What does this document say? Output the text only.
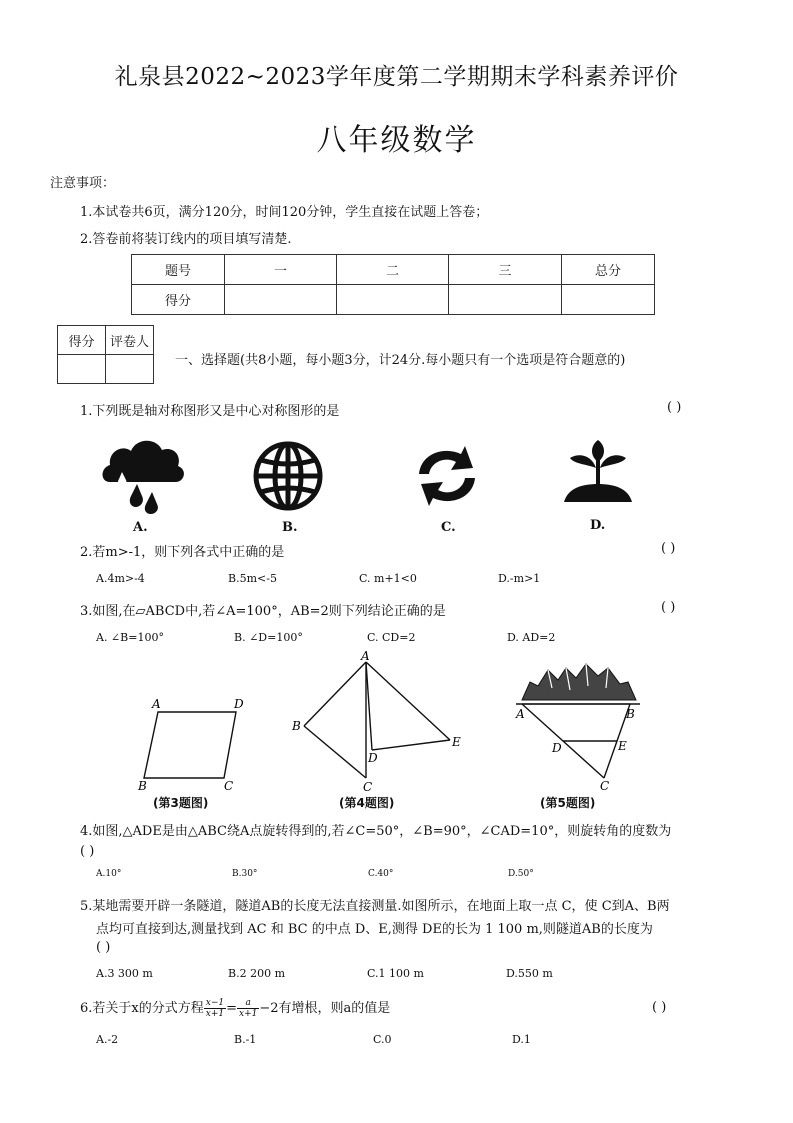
礼泉县2022~2023学年度第二学期期末学科素养评价
八年级数学
注意事项：
1.本试卷共6页，满分120分，时间120分钟，学生直接在试题上答卷；
2.答卷前将装订线内的项目填写清楚.
题号	一	二	三	总分
得分				
得分	评卷人

一、选择题(共8小题，每小题3分，计24分.每小题只有一个选项是符合题意的)
1.下列既是轴对称图形又是中心对称图形的是	( )
A.	B.	C.	D.
2.若m>-1，则下列各式中正确的是	( )
A.4m>-4	B.5m<-5	C. m+1<0	D.-m>1
3.如图,在▱ABCD中,若∠A=100°，AB=2则下列结论正确的是	( )
A. ∠B=100°	B. ∠D=100°	C. CD=2	D. AD=2
A	D
B	C
(第3题图)
A
B
D
E
C
(第4题图)
A	B
D	E
C
(第5题图)
4.如图,△ADE是由△ABC绕A点旋转得到的,若∠C=50°，∠B=90°，∠CAD=10°，则旋转角的度数为
( )
A.10°	B.30°	C.40°	D.50°
5.某地需要开辟一条隧道，隧道AB的长度无法直接测量.如图所示，在地面上取一点 C，使 C到A、B两
点均可直接到达,测量找到 AC 和 BC 的中点 D、E,测得 DE的长为 1 100 m,则隧道AB的长度为
( )
A.3 300 m	B.2 200 m	C.1 100 m	D.550 m
6.若关于x的分式方程 $\frac{x-1}{x+1} = \frac{a}{x+1} -2$有增根，则a的值是	( )
A.-2	B.-1	C.0	D.1
